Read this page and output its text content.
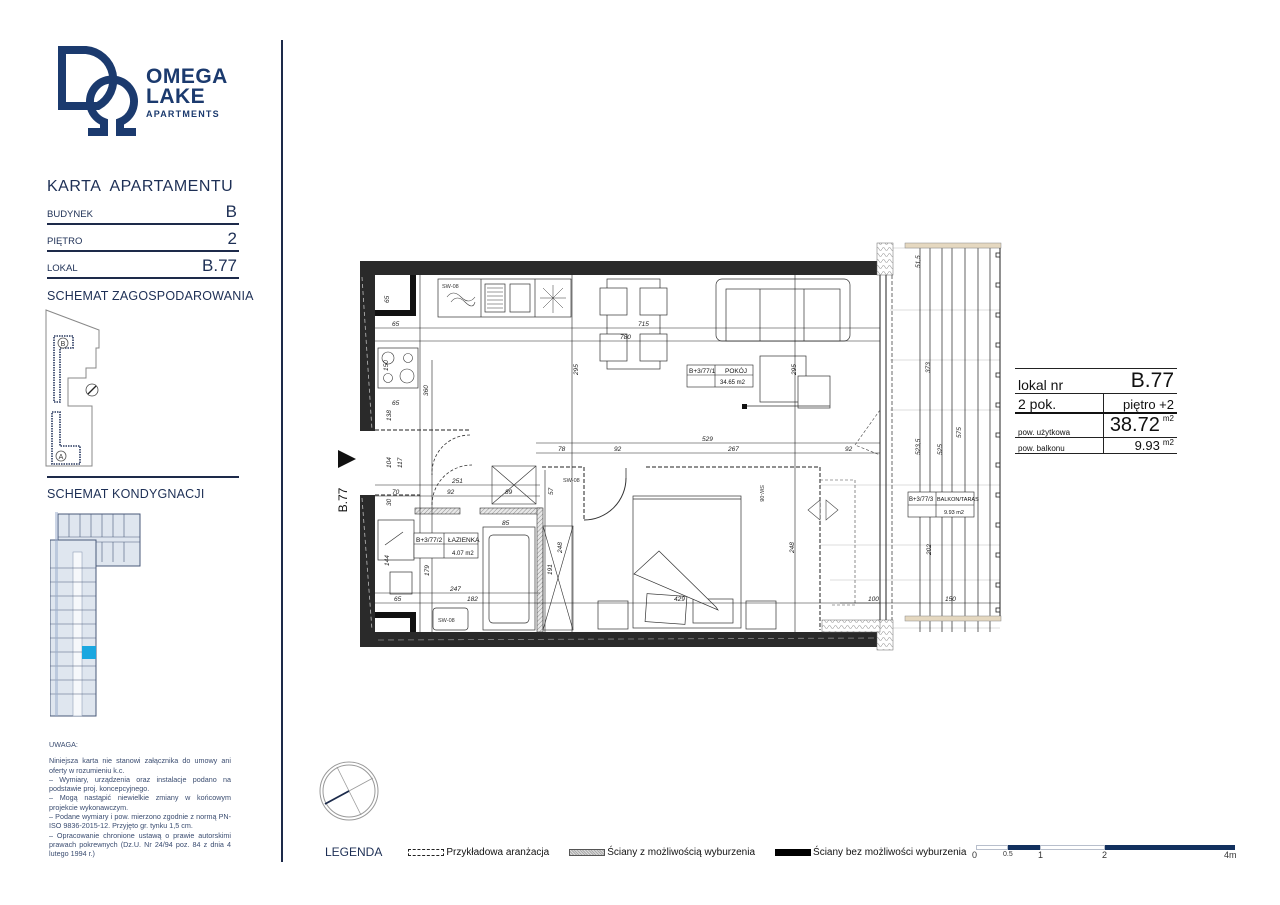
OMEGA
LAKE
APARTMENTS
KARTA  APARTAMENTU
BUDYNEK	B
PIĘTRO	2
LOKAL	B.77
SCHEMAT ZAGOSPODAROWANIA
B
A
SCHEMAT KONDYGNACJI
UWAGA:
Niniejsza karta nie stanowi załącznika do umowy ani oferty w rozumieniu k.c.
– Wymiary, urządzenia oraz instalacje podano na podstawie proj. koncepcyjnego.
– Mogą nastąpić niewielkie zmiany w końcowym projekcie wykonawczym.
– Podane wymiary i pow. mierzono zgodnie z normą PN-ISO 9836-2015-12. Przyjęto gr. tynku 1,5 cm.
– Opracowanie chronione ustawą o prawie autorskimi prawach pokrewnych (Dz.U. Nr 24/94 poz. 84 z dnia 4 lutego 1994 r.)
B.77
SW-08
SW-08
SW-08
SW-08
B+3/77/1 POKÓJ
34.65 m2
B+3/77/2 ŁAZIENKA
4.07 m2
B+3/77/3 BALKON/TARAS
9.93 m2
65
65	715
780
295	295
150
360
65
138
104 117
529
78	92	267	92
251
70	92	89	57
30
85
144
179	191
248	248
247
182
65	429
51,5
373
523,5 525
575
202
100	150
lokal nr	B.77
2 pok.	piętro +2
pow. użytkowa	38.72 $^{m2}$
pow. balkonu	9.93 $^{m2}$
LEGENDA	Przykładowa aranżacja	Ściany z możliwością wyburzenia	Ściany bez możliwości wyburzenia 0	0.5	1	2	4m
